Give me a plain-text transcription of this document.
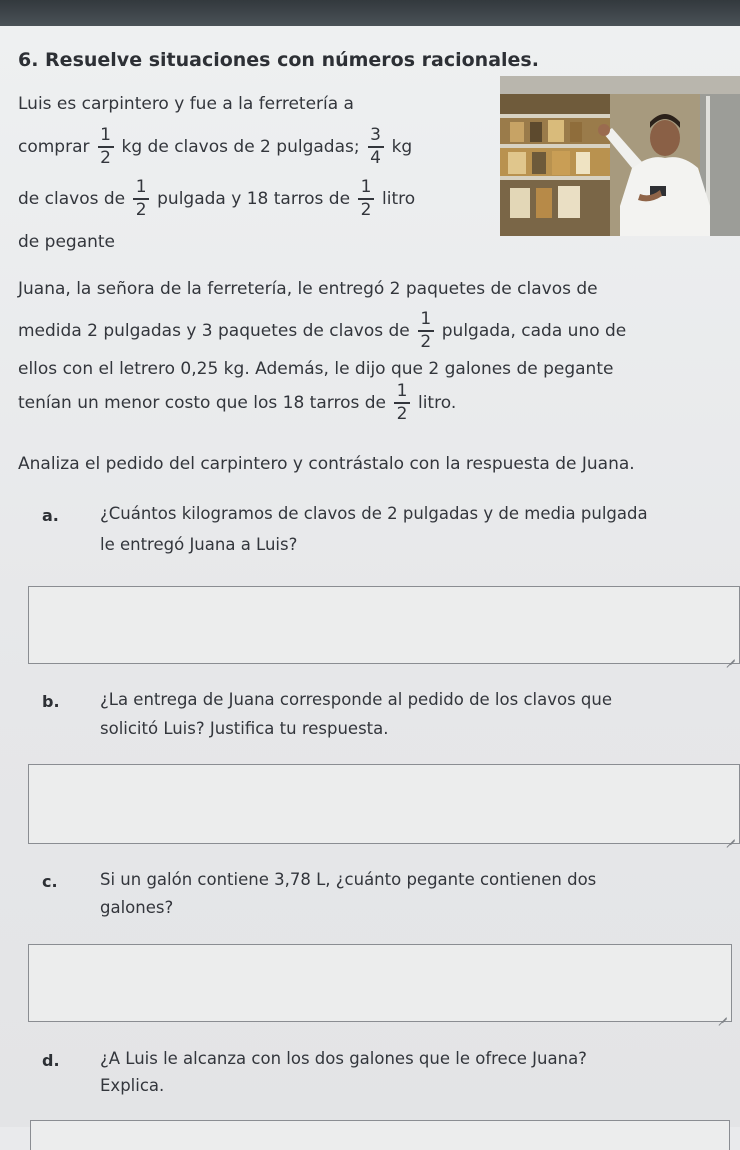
6. Resuelve situaciones con números racionales.
Luis es carpintero y fue a la ferretería a
comprar $\frac{1}{2}$ kg de clavos de 2 pulgadas; $\frac{3}{4}$ kg
de clavos de $\frac{1}{2}$ pulgada y 18 tarros de $\frac{1}{2}$ litro
de pegante
Juana, la señora de la ferretería, le entregó 2 paquetes de clavos de
medida 2 pulgadas y 3 paquetes de clavos de $\frac{1}{2}$ pulgada, cada uno de
ellos con el letrero 0,25 kg. Además, le dijo que 2 galones de pegante
tenían un menor costo que los 18 tarros de $\frac{1}{2}$ litro.
Analiza el pedido del carpintero y contrástalo con la respuesta de Juana.
a. ¿Cuántos kilogramos de clavos de 2 pulgadas y de media pulgada
le entregó Juana a Luis?
b. ¿La entrega de Juana corresponde al pedido de los clavos que
solicitó Luis? Justifica tu respuesta.
c.	Si un galón contiene 3,78 L, ¿cuánto pegante contienen dos
galones?
d. ¿A Luis le alcanza con los dos galones que le ofrece Juana?
Explica.
